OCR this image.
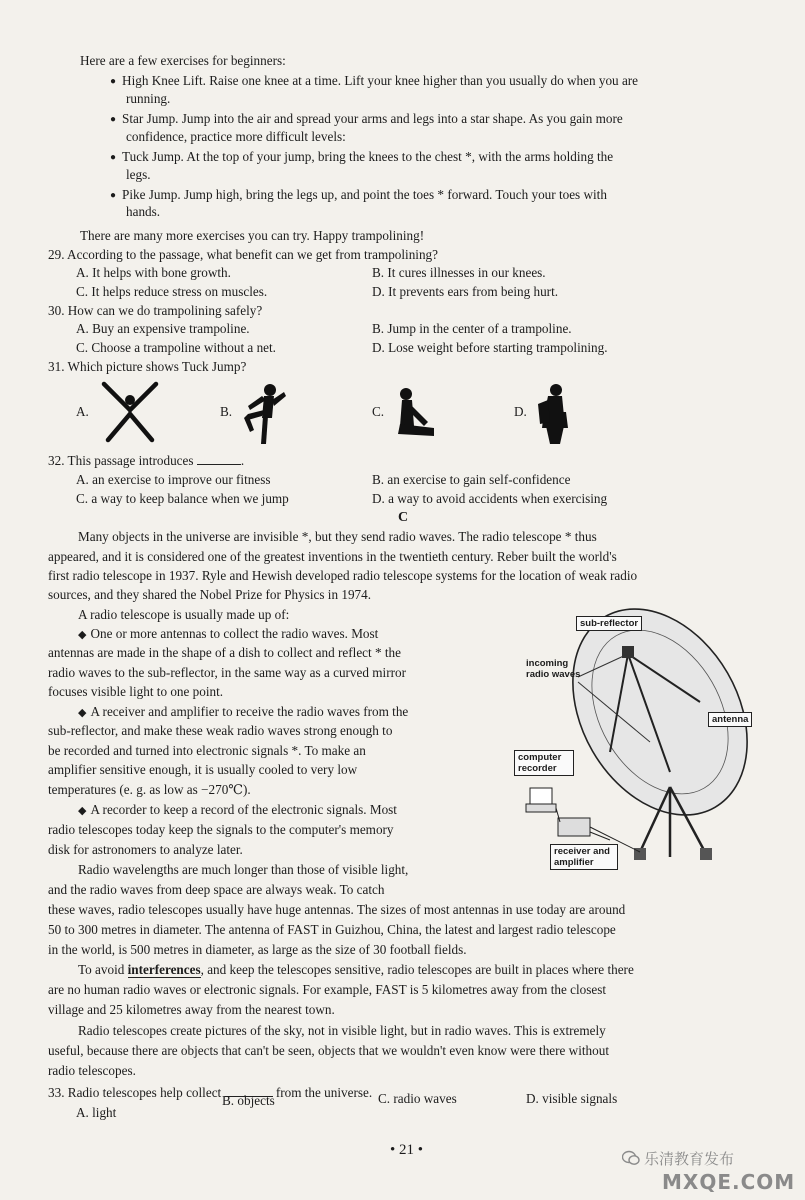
Here are a few exercises for beginners:
● High Knee Lift. Raise one knee at a time. Lift your knee higher than you usually do when you are
running.
● Star Jump. Jump into the air and spread your arms and legs into a star shape. As you gain more
confidence, practice more difficult levels:
● Tuck Jump. At the top of your jump, bring the knees to the chest *, with the arms holding the
legs.
● Pike Jump. Jump high, bring the legs up, and point the toes * forward. Touch your toes with
hands.
There are many more exercises you can try. Happy trampolining!
29. According to the passage, what benefit can we get from trampolining?
A. It helps with bone growth.	B. It cures illnesses in our knees.
C. It helps reduce stress on muscles.	D. It prevents ears from being hurt.
30. How can we do trampolining safely?
A. Buy an expensive trampoline.	B. Jump in the center of a trampoline.
C. Choose a trampoline without a net.	D. Lose weight before starting trampolining.
31. Which picture shows Tuck Jump?
A.	B.	C.	D.
32. This passage introduces	.
A. an exercise to improve our fitness	B. an exercise to gain self-confidence
C. a way to keep balance when we jump	D. a way to avoid accidents when exercising
C
Many objects in the universe are invisible *, but they send radio waves. The radio telescope * thus
appeared, and it is considered one of the greatest inventions in the twentieth century. Reber built the world's
first radio telescope in 1937. Ryle and Hewish developed radio telescope systems for the location of weak radio
sources, and they shared the Nobel Prize for Physics in 1974.
A radio telescope is usually made up of:
◆ One or more antennas to collect the radio waves. Most
antennas are made in the shape of a dish to collect and reflect * the
radio waves to the sub-reflector, in the same way as a curved mirror
focuses visible light to one point.
◆ A receiver and amplifier to receive the radio waves from the
sub-reflector, and make these weak radio waves strong enough to
be recorded and turned into electronic signals *. To make an
amplifier sensitive enough, it is usually cooled to very low
temperatures (e. g. as low as −270℃).
◆ A recorder to keep a record of the electronic signals. Most
radio telescopes today keep the signals to the computer's memory
disk for astronomers to analyze later.
Radio wavelengths are much longer than those of visible light,
and the radio waves from deep space are always weak. To catch
these waves, radio telescopes usually have huge antennas. The sizes of most antennas in use today are around
50 to 300 metres in diameter. The antenna of FAST in Guizhou, China, the latest and largest radio telescope
in the world, is 500 metres in diameter, as large as the size of 30 football fields.
To avoid interferences, and keep the telescopes sensitive, radio telescopes are built in places where there
are no human radio waves or electronic signals. For example, FAST is 5 kilometres away from the closest
village and 25 kilometres away from the nearest town.
Radio telescopes create pictures of the sky, not in visible light, but in radio waves. This is extremely
useful, because there are objects that can't be seen, objects that we wouldn't even know were there without
radio telescopes.
33. Radio telescopes help collect	from the universe.
A. light
B. objects	C. radio waves	D. visible signals
• 21 •
sub-reflector
incoming radio waves
antenna
computer recorder
receiver and amplifier
乐清教育发布
MXQE.COM
